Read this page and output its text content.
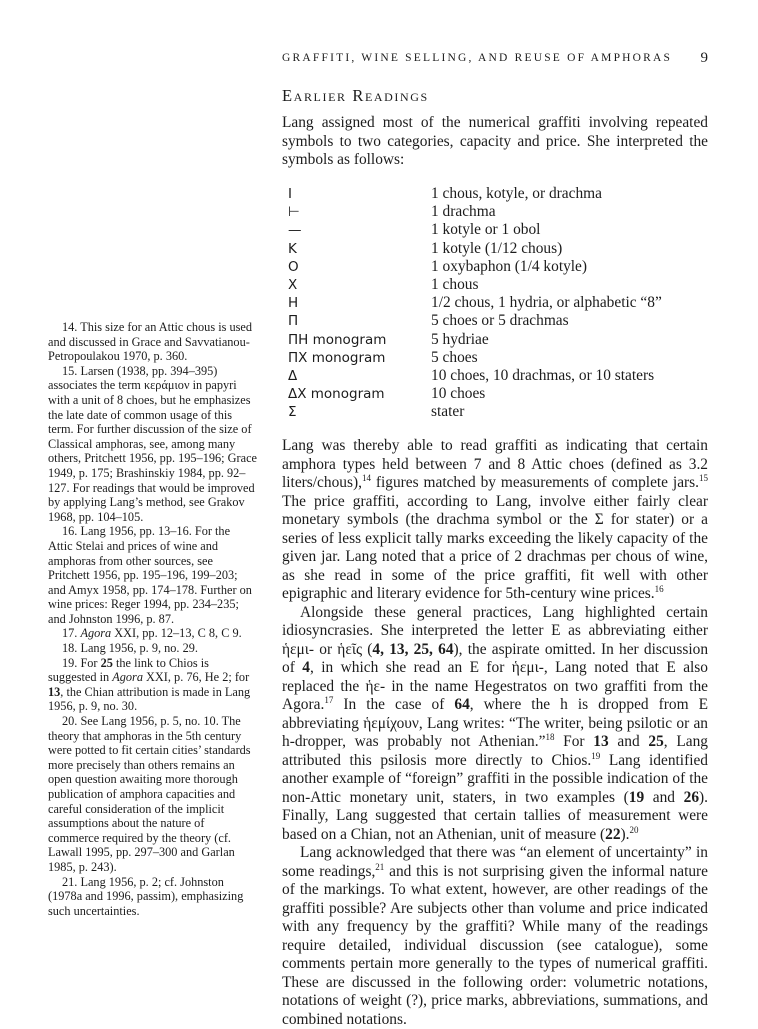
GRAFFITI, WINE SELLING, AND REUSE OF AMPHORAS 9
Earlier Readings

Lang assigned most of the numerical graffiti involving repeated symbols to two categories, capacity and price. She interpreted the symbols as follows:

I	1 chous, kotyle, or drachma
⊢	1 drachma
—	1 kotyle or 1 obol
K	1 kotyle (1/12 chous)
O	1 oxybaphon (1/4 kotyle)
X	1 chous
H	1/2 chous, 1 hydria, or alphabetic “8”
Π	5 choes or 5 drachmas
ΠH monogram	5 hydriae
ΠX monogram	5 choes
Δ	10 choes, 10 drachmas, or 10 staters
ΔX monogram	10 choes
Σ	stater

Lang was thereby able to read graffiti as indicating that certain amphora types held between 7 and 8 Attic choes (defined as 3.2 liters/chous),$^{14}$ figures matched by measurements of complete jars.$^{15}$ The price graffiti, according to Lang, involve either fairly clear monetary symbols (the drachma symbol or the Σ for stater) or a series of less explicit tally marks exceeding the likely capacity of the given jar. Lang noted that a price of 2 drachmas per chous of wine, as she read in some of the price graffiti, fit well with other epigraphic and literary evidence for 5th-century wine prices.$^{16}$

Alongside these general practices, Lang highlighted certain idiosyncrasies. She interpreted the letter E as abbreviating either ἡεμι- or ἡεῖς (4, 13, 25, 64), the aspirate omitted. In her discussion of 4, in which she read an E for ἡεμι-, Lang noted that E also replaced the ἡε- in the name Hegestratos on two graffiti from the Agora.$^{17}$ In the case of 64, where the h is dropped from E abbreviating ἡεμίχουν, Lang writes: “The writer, being psilotic or an h-dropper, was probably not Athenian.”$^{18}$ For 13 and 25, Lang attributed this psilosis more directly to Chios.$^{19}$ Lang identified another example of “foreign” graffiti in the possible indication of the non-Attic monetary unit, staters, in two examples (19 and 26). Finally, Lang suggested that certain tallies of measurement were based on a Chian, not an Athenian, unit of measure (22).$^{20}$

Lang acknowledged that there was “an element of uncertainty” in some readings,$^{21}$ and this is not surprising given the informal nature of the markings. To what extent, however, are other readings of the graffiti possible? Are subjects other than volume and price indicated with any frequency by the graffiti? While many of the readings require detailed, individual discussion (see catalogue), some comments pertain more generally to the types of numerical graffiti. These are discussed in the following order: volumetric notations, notations of weight (?), price marks, abbreviations, summations, and combined notations.

14. This size for an Attic chous is used and discussed in Grace and Savvatianou-Petropoulakou 1970, p. 360.

15. Larsen (1938, pp. 394–395) associates the term κεράμιον in papyri with a unit of 8 choes, but he emphasizes the late date of common usage of this term. For further discussion of the size of Classical amphoras, see, among many others, Pritchett 1956, pp. 195–196; Grace 1949, p. 175; Brashinskiy 1984, pp. 92–127. For readings that would be improved by applying Lang’s method, see Grakov 1968, pp. 104–105.

16. Lang 1956, pp. 13–16. For the Attic Stelai and prices of wine and amphoras from other sources, see Pritchett 1956, pp. 195–196, 199–203; and Amyx 1958, pp. 174–178. Further on wine prices: Reger 1994, pp. 234–235; and Johnston 1996, p. 87.

17. Agora XXI, pp. 12–13, C 8, C 9.

18. Lang 1956, p. 9, no. 29.

19. For 25 the link to Chios is suggested in Agora XXI, p. 76, He 2; for 13, the Chian attribution is made in Lang 1956, p. 9, no. 30.

20. See Lang 1956, p. 5, no. 10. The theory that amphoras in the 5th century were potted to fit certain cities’ standards more precisely than others remains an open question awaiting more thorough publication of amphora capacities and careful consideration of the implicit assumptions about the nature of commerce required by the theory (cf. Lawall 1995, pp. 297–300 and Garlan 1985, p. 243).

21. Lang 1956, p. 2; cf. Johnston (1978a and 1996, passim), emphasizing such uncertainties.
